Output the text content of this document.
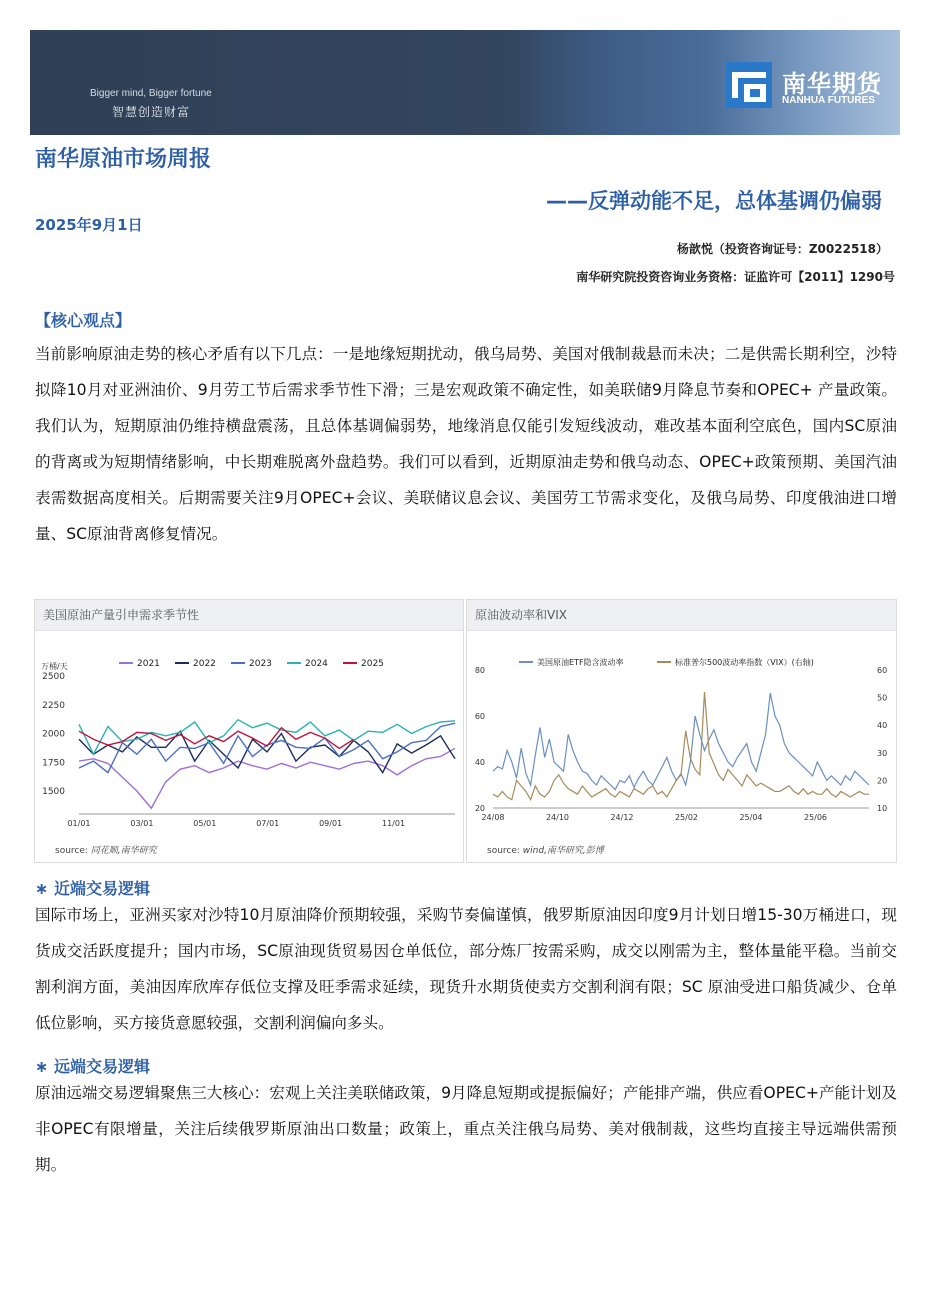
Bigger mind, Bigger fortune
智慧创造财富
南华期货
NANHUA FUTURES
南华原油市场周报
——反弹动能不足，总体基调仍偏弱
2025年9月1日
杨歆悦（投资咨询证号：Z0022518）
南华研究院投资咨询业务资格：证监许可【2011】1290号
【核心观点】
当前影响原油走势的核心矛盾有以下几点：一是地缘短期扰动，俄乌局势、美国对俄制裁悬而未决；二是供需长期利空，沙特拟降10月对亚洲油价、9月劳工节后需求季节性下滑；三是宏观政策不确定性，如美联储9月降息节奏和OPEC+ 产量政策。我们认为，短期原油仍维持横盘震荡，且总体基调偏弱势，地缘消息仅能引发短线波动，难改基本面利空底色，国内SC原油的背离或为短期情绪影响，中长期难脱离外盘趋势。我们可以看到，近期原油走势和俄乌动态、OPEC+政策预期、美国汽油表需数据高度相关。后期需要关注9月OPEC+会议、美联储议息会议、美国劳工节需求变化，及俄乌局势、印度俄油进口增量、SC原油背离修复情况。
美国原油产量引申需求季节性
万桶/天
1500
1750
2000
2250
2500
01/01	03/01	05/01	07/01	09/01	11/01
2021	2022	2023	2024	2025
source: 同花顺,南华研究
原油波动率和VIX
20
40
60
80
10
20
30
40
50
60
24/08	24/10	24/12	25/02	25/04	25/06
美国原油ETF隐含波动率	标准普尔500波动率指数（VIX）(右轴)
source: wind,南华研究,彭博
∗ 近端交易逻辑
国际市场上，亚洲买家对沙特10月原油降价预期较强，采购节奏偏谨慎，俄罗斯原油因印度9月计划日增15-30万桶进口，现货成交活跃度提升；国内市场，SC原油现货贸易因仓单低位，部分炼厂按需采购，成交以刚需为主，整体量能平稳。当前交割利润方面，美油因库欣库存低位支撑及旺季需求延续，现货升水期货使卖方交割利润有限；SC 原油受进口船货减少、仓单低位影响，买方接货意愿较强，交割利润偏向多头。
∗ 远端交易逻辑
原油远端交易逻辑聚焦三大核心：宏观上关注美联储政策，9月降息短期或提振偏好；产能排产端，供应看OPEC+产能计划及非OPEC有限增量，关注后续俄罗斯原油出口数量；政策上，重点关注俄乌局势、美对俄制裁，这些均直接主导远端供需预期。
